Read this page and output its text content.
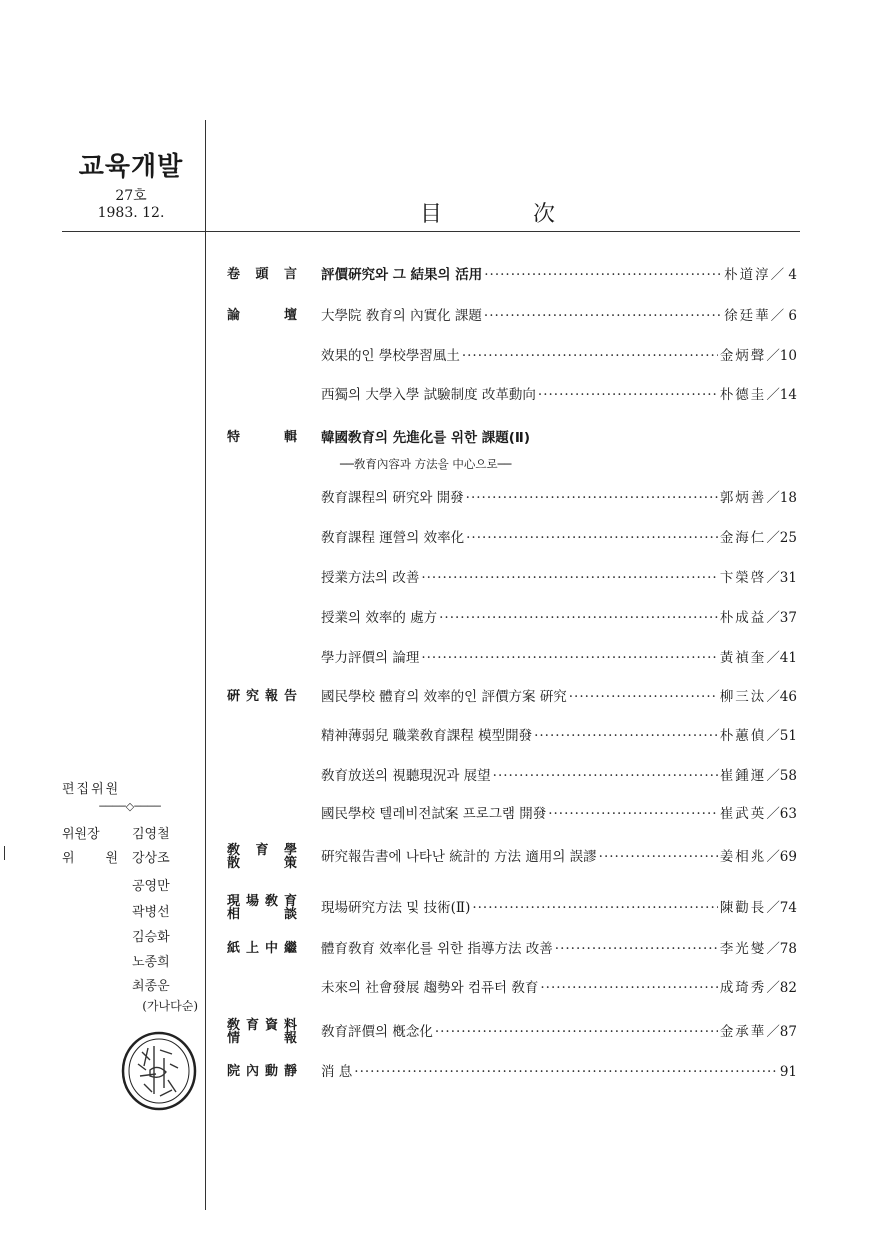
교육개발
27호
1983. 12.	目 次
卷頭言 評價硏究와 그 結果의 活用 ·····	朴道淳 ／ 4
論 壇 大學院 敎育의 內實化 課題 ·····	徐廷華 ／ 6
效果的인 學校學習風土 ·····	金炳聲 ／10
西獨의 大學入學 試驗制度 改革動向 ·····	朴德圭 ／14
特 輯 韓國敎育의 先進化를 위한 課題(Ⅱ)
敎育課程의 硏究와 開發 ·····	郭炳善 ／18
敎育課程 運營의 效率化 ·····	金海仁 ／25
授業方法의 改善 ·····	卞榮啓 ／31
授業의 效率的 處方 ·····	朴成益 ／37
學力評價의 論理 ·····	黃禎奎 ／41
硏究報告 國民學校 體育의 效率的인 評價方案 硏究 ·····	柳三汰 ／46
精神薄弱兒 職業敎育課程 模型開發 ·····	朴蕙偵 ／51
敎育放送의 視聽現況과 展望 ·····	崔鍾運 ／58
國民學校 텔레비전試案 프로그램 開發 ·····	崔武英 ／63
敎育學
散 策 硏究報告書에 나타난 統計的 方法 適用의 誤謬 ·····	姜相兆 ／69
現場敎育
相 談 現場硏究方法 및 技術(Ⅱ) ·····	陳勸長 ／74
紙上中繼 體育敎育 效率化를 위한 指導方法 改善 ·····	李光燮 ／78
未來의 社會發展 趨勢와 컴퓨터 敎育 ·····	成琦秀 ／82
敎育資料
情 報 敎育評價의 槪念化 ·····	金承華 ／87
院內動靜 消 息 ·····	91
──敎育內容과 方法을 中心으로──
편집위원
────◇────
위원장	김영철
위 원 강상조
공영만
곽병선
김승화
노종희
최종운
(가나다순)
